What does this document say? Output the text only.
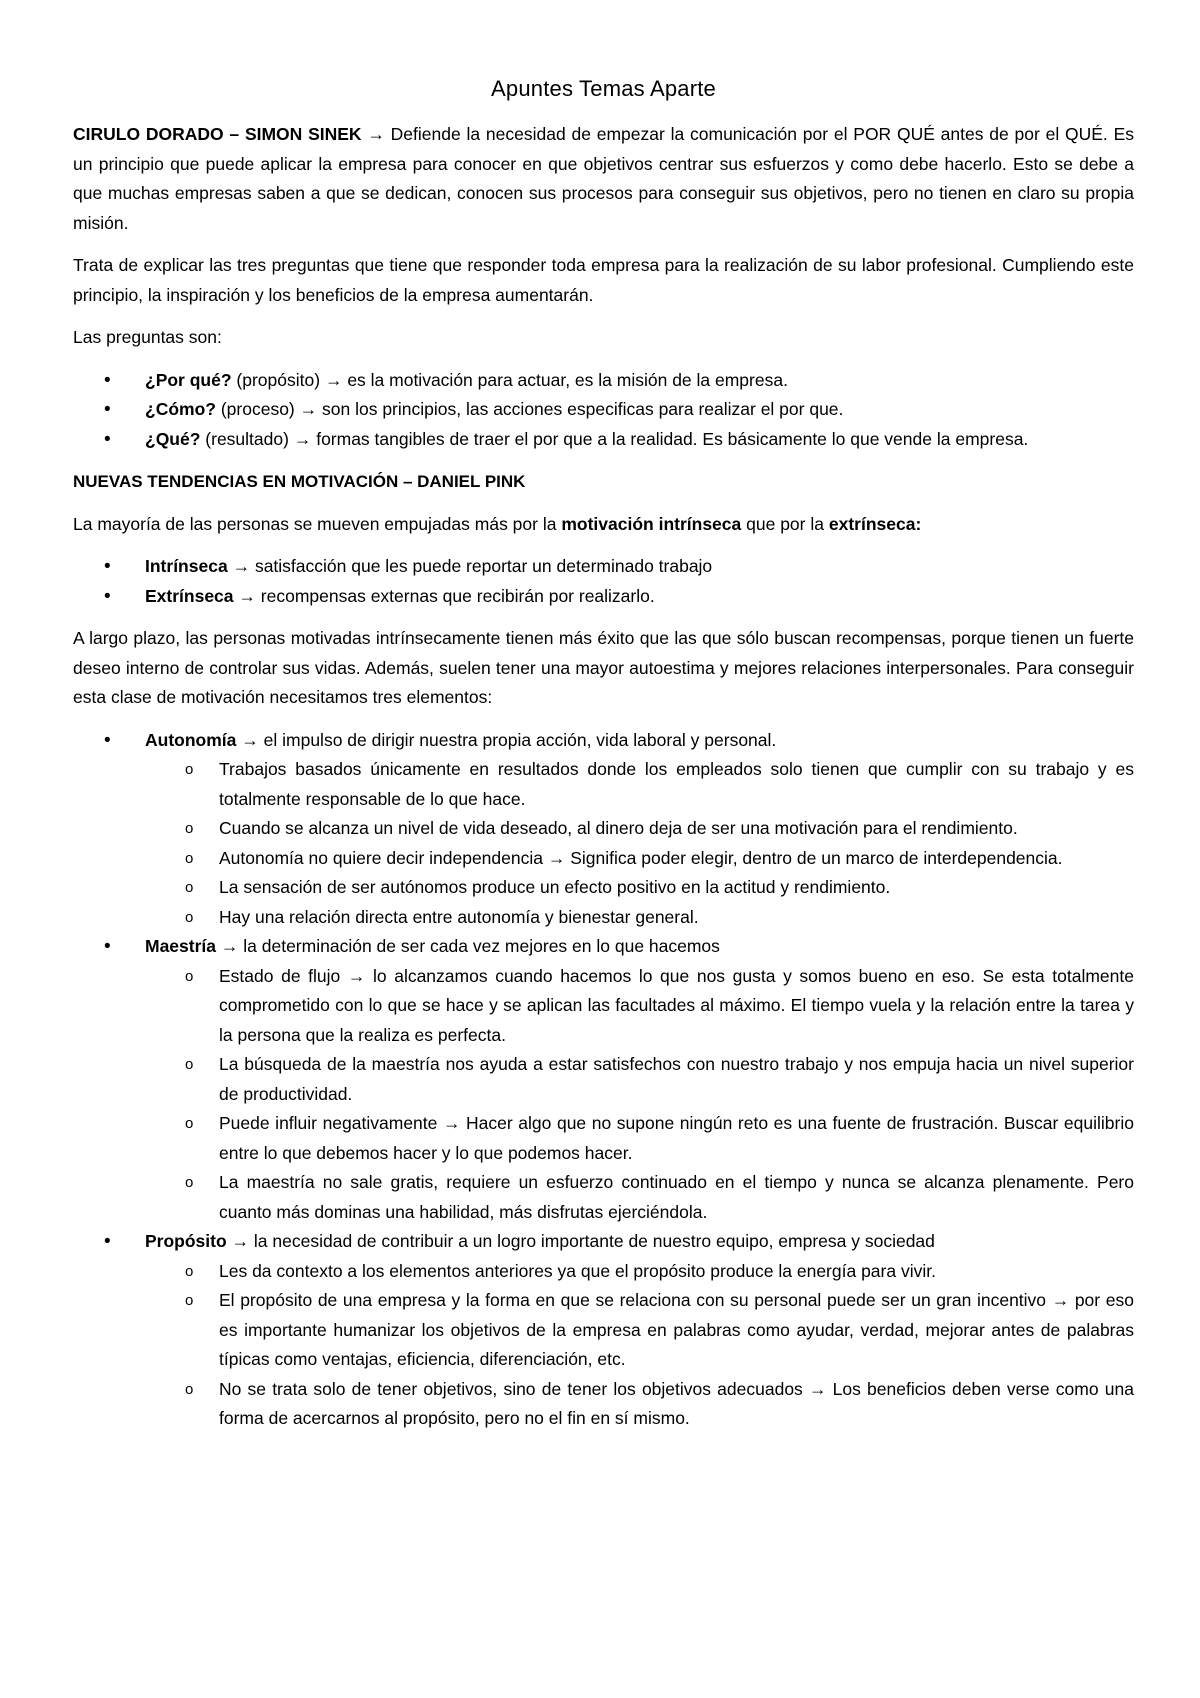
Apuntes Temas Aparte

CIRULO DORADO – SIMON SINEK → Defiende la necesidad de empezar la comunicación por el POR QUÉ antes de por el QUÉ. Es un principio que puede aplicar la empresa para conocer en que objetivos centrar sus esfuerzos y como debe hacerlo. Esto se debe a que muchas empresas saben a que se dedican, conocen sus procesos para conseguir sus objetivos, pero no tienen en claro su propia misión.

Trata de explicar las tres preguntas que tiene que responder toda empresa para la realización de su labor profesional. Cumpliendo este principio, la inspiración y los beneficios de la empresa aumentarán.

Las preguntas son:

• ¿Por qué? (propósito) → es la motivación para actuar, es la misión de la empresa.
• ¿Cómo? (proceso) → son los principios, las acciones especificas para realizar el por que.
• ¿Qué? (resultado) → formas tangibles de traer el por que a la realidad. Es básicamente lo que vende la empresa.
NUEVAS TENDENCIAS EN MOTIVACIÓN – DANIEL PINK

La mayoría de las personas se mueven empujadas más por la motivación intrínseca que por la extrínseca:

• Intrínseca → satisfacción que les puede reportar un determinado trabajo
• Extrínseca → recompensas externas que recibirán por realizarlo.

A largo plazo, las personas motivadas intrínsecamente tienen más éxito que las que sólo buscan recompensas, porque tienen un fuerte deseo interno de controlar sus vidas. Además, suelen tener una mayor autoestima y mejores relaciones interpersonales. Para conseguir esta clase de motivación necesitamos tres elementos:

• Autonomía → el impulso de dirigir nuestra propia acción, vida laboral y personal.
o Trabajos basados únicamente en resultados donde los empleados solo tienen que cumplir con su trabajo y es totalmente responsable de lo que hace.
o Cuando se alcanza un nivel de vida deseado, al dinero deja de ser una motivación para el rendimiento.
o Autonomía no quiere decir independencia → Significa poder elegir, dentro de un marco de interdependencia.
o La sensación de ser autónomos produce un efecto positivo en la actitud y rendimiento.
o Hay una relación directa entre autonomía y bienestar general.
• Maestría → la determinación de ser cada vez mejores en lo que hacemos
o Estado de flujo → lo alcanzamos cuando hacemos lo que nos gusta y somos bueno en eso. Se esta totalmente comprometido con lo que se hace y se aplican las facultades al máximo. El tiempo vuela y la relación entre la tarea y la persona que la realiza es perfecta.
o La búsqueda de la maestría nos ayuda a estar satisfechos con nuestro trabajo y nos empuja hacia un nivel superior de productividad.
o Puede influir negativamente → Hacer algo que no supone ningún reto es una fuente de frustración. Buscar equilibrio entre lo que debemos hacer y lo que podemos hacer.
o La maestría no sale gratis, requiere un esfuerzo continuado en el tiempo y nunca se alcanza plenamente. Pero cuanto más dominas una habilidad, más disfrutas ejerciéndola.
• Propósito → la necesidad de contribuir a un logro importante de nuestro equipo, empresa y sociedad
o Les da contexto a los elementos anteriores ya que el propósito produce la energía para vivir.
o El propósito de una empresa y la forma en que se relaciona con su personal puede ser un gran incentivo → por eso es importante humanizar los objetivos de la empresa en palabras como ayudar, verdad, mejorar antes de palabras típicas como ventajas, eficiencia, diferenciación, etc.
o No se trata solo de tener objetivos, sino de tener los objetivos adecuados → Los beneficios deben verse como una forma de acercarnos al propósito, pero no el fin en sí mismo.
